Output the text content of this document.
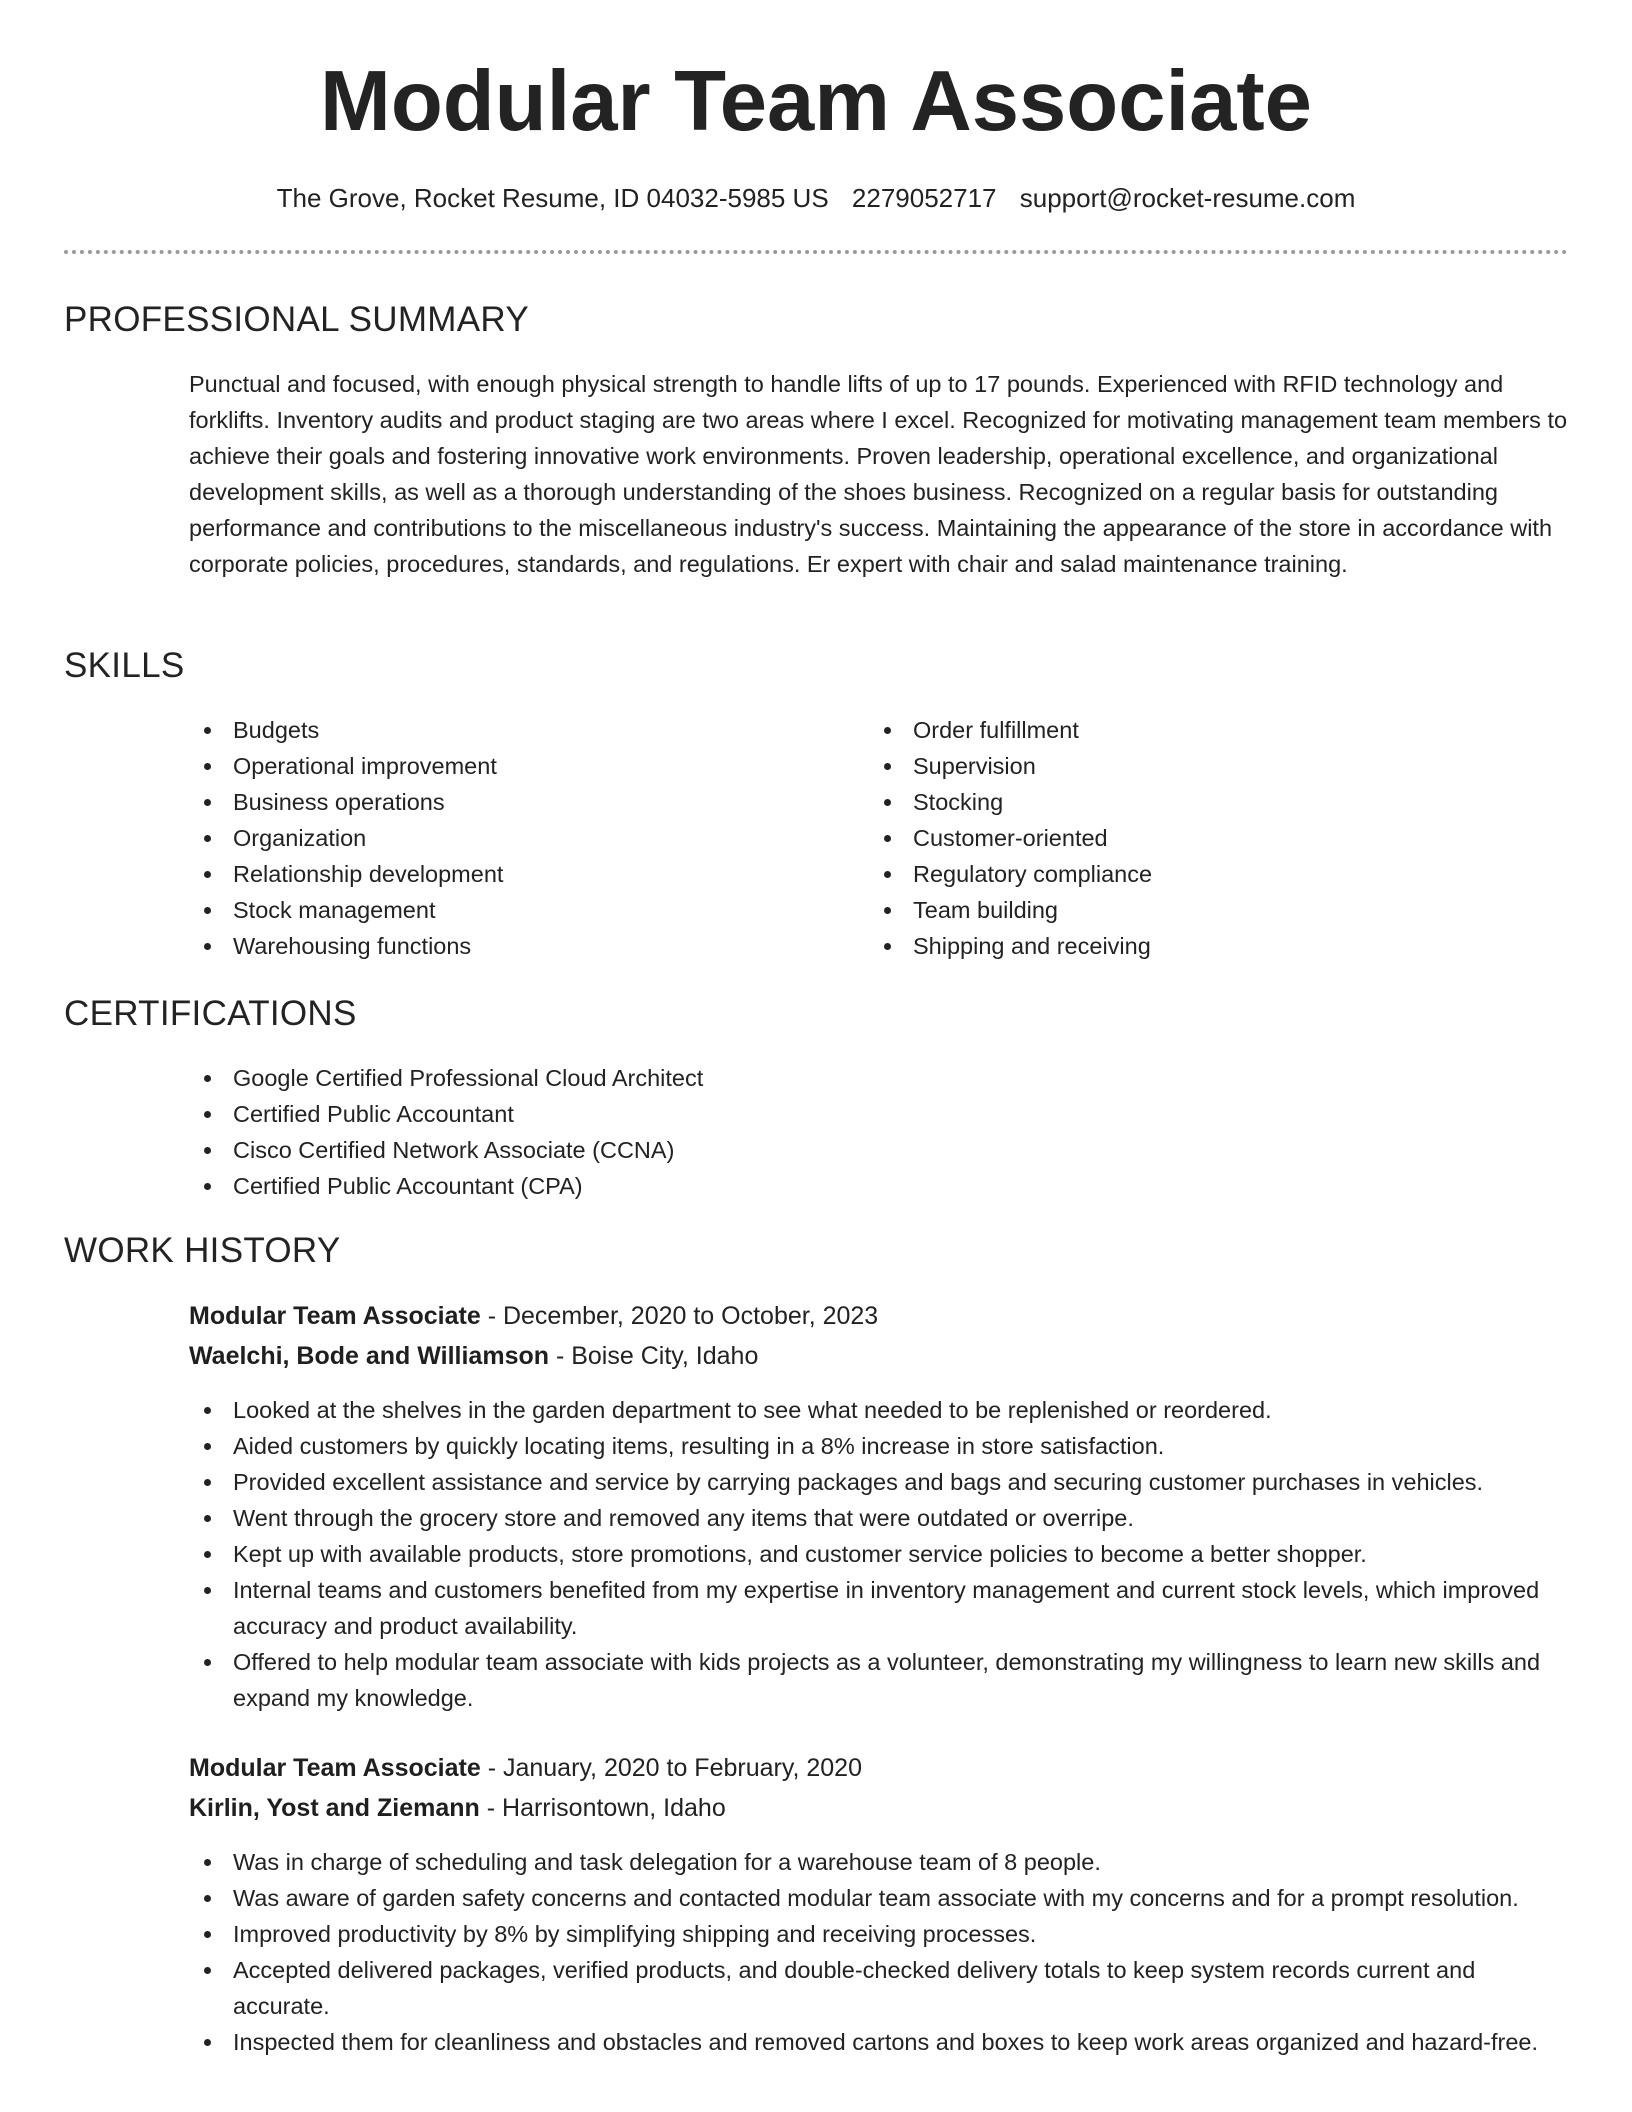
Modular Team Associate
The Grove, Rocket Resume, ID 04032-5985 US 2279052717 support@rocket-resume.com
PROFESSIONAL SUMMARY

Punctual and focused, with enough physical strength to handle lifts of up to 17 pounds. Experienced with RFID technology and forklifts. Inventory audits and product staging are two areas where I excel. Recognized for motivating management team members to achieve their goals and fostering innovative work environments. Proven leadership, operational excellence, and organizational development skills, as well as a thorough understanding of the shoes business. Recognized on a regular basis for outstanding performance and contributions to the miscellaneous industry's success. Maintaining the appearance of the store in accordance with corporate policies, procedures, standards, and regulations. Er expert with chair and salad maintenance training.

SKILLS
Budgets
Operational improvement
Business operations
Organization
Relationship development
Stock management
Warehousing functions
Order fulfillment
Supervision
Stocking
Customer-oriented
Regulatory compliance
Team building
Shipping and receiving
CERTIFICATIONS
Google Certified Professional Cloud Architect
Certified Public Accountant
Cisco Certified Network Associate (CCNA)
Certified Public Accountant (CPA)
WORK HISTORY
Modular Team Associate - December, 2020 to October, 2023
Waelchi, Bode and Williamson - Boise City, Idaho
Looked at the shelves in the garden department to see what needed to be replenished or reordered.
Aided customers by quickly locating items, resulting in a 8% increase in store satisfaction.
Provided excellent assistance and service by carrying packages and bags and securing customer purchases in vehicles.
Went through the grocery store and removed any items that were outdated or overripe.
Kept up with available products, store promotions, and customer service policies to become a better shopper.
Internal teams and customers benefited from my expertise in inventory management and current stock levels, which improved accuracy and product availability.
Offered to help modular team associate with kids projects as a volunteer, demonstrating my willingness to learn new skills and expand my knowledge.
Modular Team Associate - January, 2020 to February, 2020
Kirlin, Yost and Ziemann - Harrisontown, Idaho
Was in charge of scheduling and task delegation for a warehouse team of 8 people.
Was aware of garden safety concerns and contacted modular team associate with my concerns and for a prompt resolution.
Improved productivity by 8% by simplifying shipping and receiving processes.
Accepted delivered packages, verified products, and double-checked delivery totals to keep system records current and accurate.
Inspected them for cleanliness and obstacles and removed cartons and boxes to keep work areas organized and hazard-free.
